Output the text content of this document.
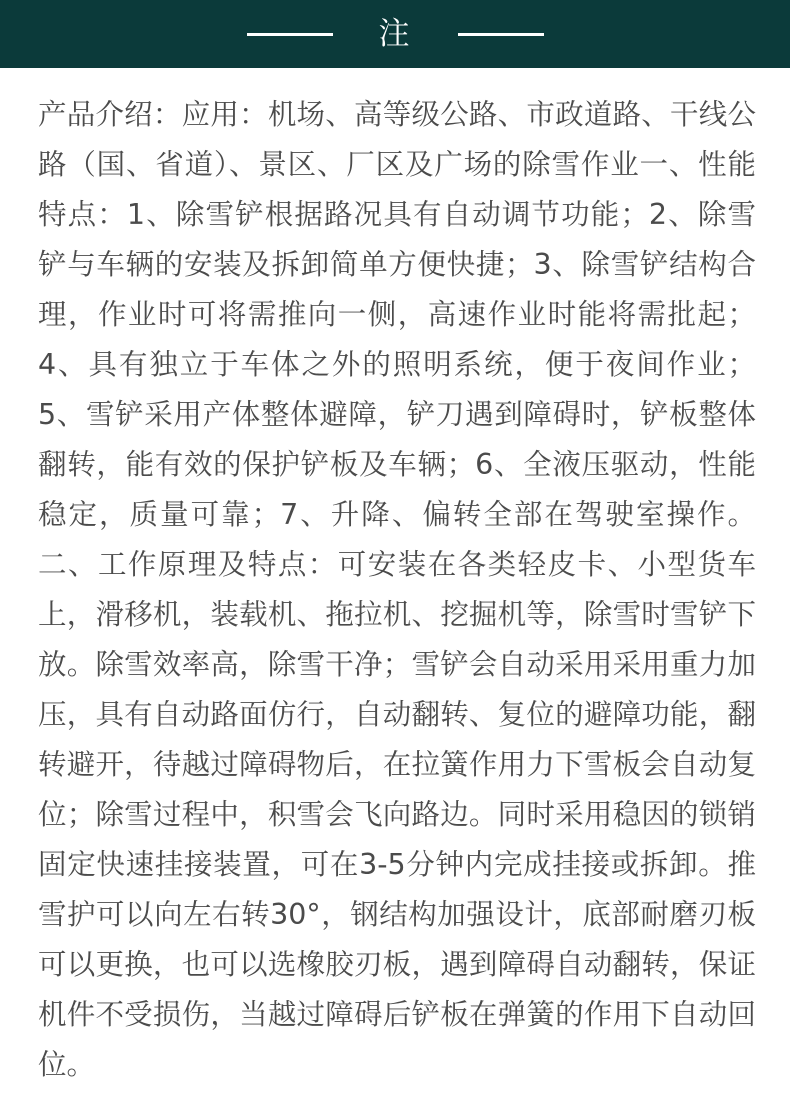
注

产品介绍：应用：机场、高等级公路、市政道路、干线公路（国、省道）、景区、厂区及广场的除雪作业一、性能特点：1、除雪铲根据路况具有自动调节功能；2、除雪铲与车辆的安装及拆卸简单方便快捷；3、除雪铲结构合理，作业时可将需推向一侧，高速作业时能将需批起；4、具有独立于车体之外的照明系统，便于夜间作业；5、雪铲采用产体整体避障，铲刀遇到障碍时，铲板整体翻转，能有效的保护铲板及车辆；6、全液压驱动，性能稳定，质量可靠；7、升降、偏转全部在驾驶室操作。二、工作原理及特点：可安装在各类轻皮卡、小型货车上，滑移机，装载机、拖拉机、挖掘机等，除雪时雪铲下放。除雪效率高，除雪干净；雪铲会自动采用采用重力加压，具有自动路面仿行，自动翻转、复位的避障功能，翻转避开，待越过障碍物后，在拉簧作用力下雪板会自动复位；除雪过程中，积雪会飞向路边。同时采用稳因的锁销固定快速挂接装置，可在3-5分钟内完成挂接或拆卸。推雪护可以向左右转30°，钢结构加强设计，底部耐磨刃板可以更换，也可以选橡胶刃板，遇到障碍自动翻转，保证机件不受损伤，当越过障碍后铲板在弹簧的作用下自动回位。
